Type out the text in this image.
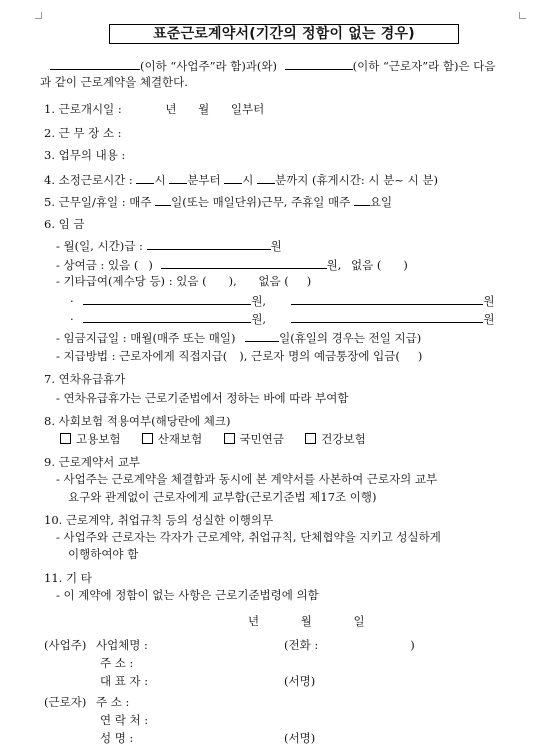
표준근로계약서(기간의 정함이 없는 경우)
(이하 “사업주”라 함)과(와)	(이하 “근로자”라 함)은 다음
과 같이 근로계약을 체결한다.
1. 근로개시일 :	년 월 일부터
2. 근 무 장 소 :
3. 업무의 내용 :
4. 소정근로시간 : 시 분부터 시 분까지 (휴게시간: 시 분~ 시 분)
5. 근무일/휴일 : 매주 일(또는 매일단위)근무, 주휴일 매주 요일
6. 임 금
- 월(일, 시간)급 :	원
- 상여금 : 있음 ( )	원, 없음 ( )
- 기타급여(제수당 등) : 있음 ( ), 없음 ( )
·	원,	원
·	원,	원
- 임금지급일 : 매월(매주 또는 매일)	일(휴일의 경우는 전일 지급)
- 지급방법 : 근로자에게 직접지급( ), 근로자 명의 예금통장에 입금( )
7. 연차유급휴가
- 연차유급휴가는 근로기준법에서 정하는 바에 따라 부여함
8. 사회보험 적용여부(해당란에 체크)
고용보험	산재보험	국민연금	건강보험
9. 근로계약서 교부
- 사업주는 근로계약을 체결함과 동시에 본 계약서를 사본하여 근로자의 교부
요구와 관계없이 근로자에게 교부함(근로기준법 제17조 이행)
10. 근로계약, 취업규칙 등의 성실한 이행의무
- 사업주와 근로자는 각자가 근로계약, 취업규칙, 단체협약을 지키고 성실하게
이행하여야 함
11. 기 타
- 이 계약에 정함이 없는 사항은 근로기준법령에 의함
년	월	일
(사업주) 사업체명 :	(전화 :	)
주 소 :
대 표 자 :	(서명)
(근로자) 주 소 :
연 락 처 :
성 명 :	(서명)
